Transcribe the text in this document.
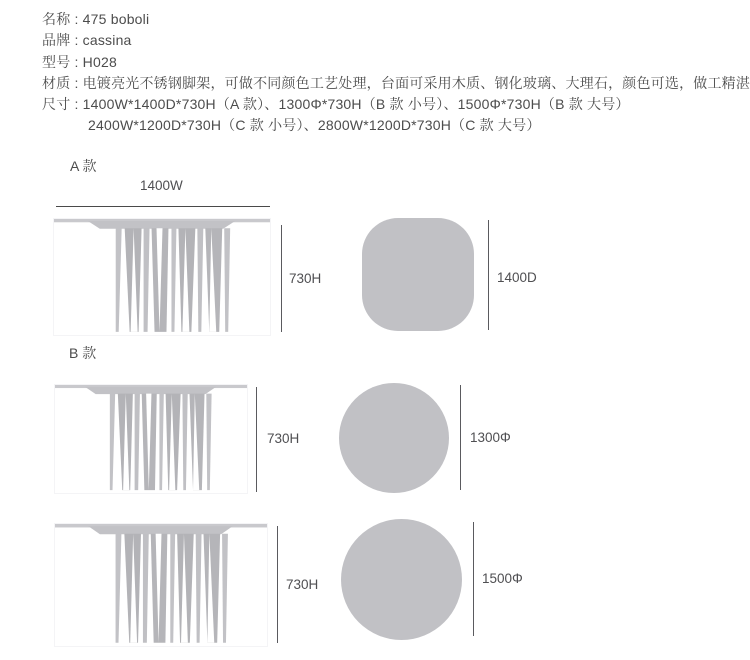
名称 : 475 boboli
品牌 : cassina
型号 : H028
材质 : 电镀亮光不锈钢脚架，可做不同颜色工艺处理，台面可采用木质、钢化玻璃、大理石，颜色可选，做工精湛
尺寸 : 1400W*1400D*730H（A 款）、1300Φ*730H（B 款 小号）、1500Φ*730H（B 款 大号）
2400W*1200D*730H（C 款 小号）、2800W*1200D*730H（C 款 大号）
A 款
1400W
730H	1400D
B 款
730H	1300Φ
730H	1500Φ
